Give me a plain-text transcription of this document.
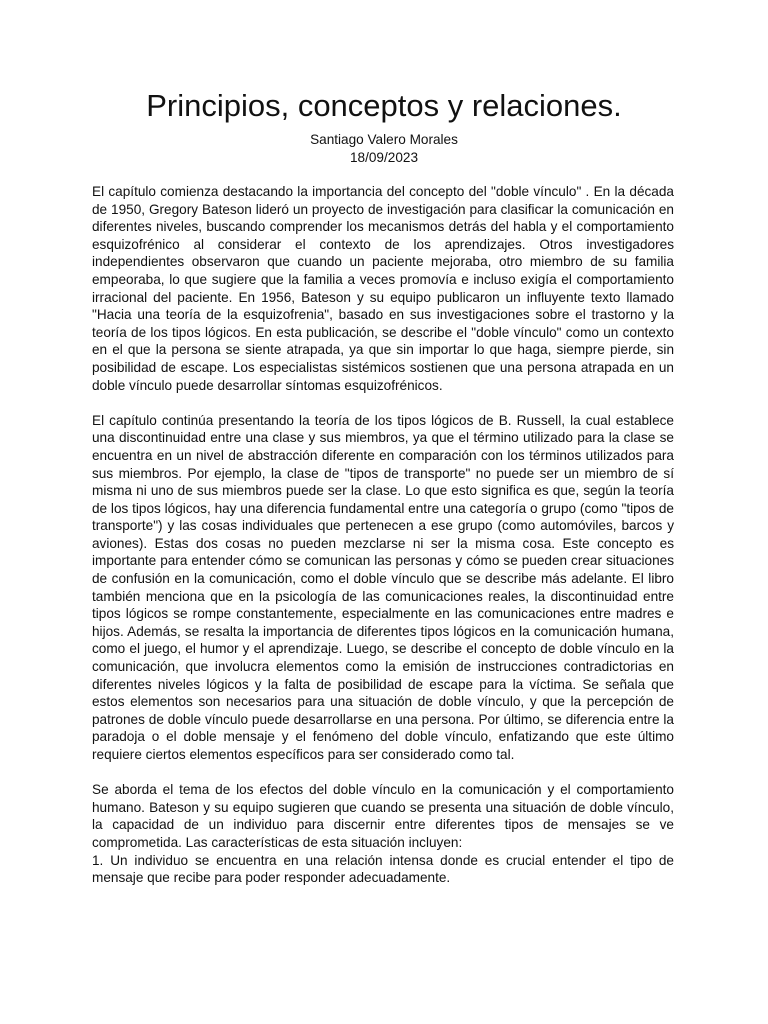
Principios, conceptos y relaciones.
Santiago Valero Morales
18/09/2023

El capítulo comienza destacando la importancia del concepto del "doble vínculo" . En la década de 1950, Gregory Bateson lideró un proyecto de investigación para clasificar la comunicación en diferentes niveles, buscando comprender los mecanismos detrás del habla y el comportamiento esquizofrénico al considerar el contexto de los aprendizajes. Otros investigadores independientes observaron que cuando un paciente mejoraba, otro miembro de su familia empeoraba, lo que sugiere que la familia a veces promovía e incluso exigía el comportamiento irracional del paciente. En 1956, Bateson y su equipo publicaron un influyente texto llamado "Hacia una teoría de la esquizofrenia", basado en sus investigaciones sobre el trastorno y la teoría de los tipos lógicos. En esta publicación, se describe el "doble vínculo" como un contexto en el que la persona se siente atrapada, ya que sin importar lo que haga, siempre pierde, sin posibilidad de escape. Los especialistas sistémicos sostienen que una persona atrapada en un doble vínculo puede desarrollar síntomas esquizofrénicos.

El capítulo continúa presentando la teoría de los tipos lógicos de B. Russell, la cual establece una discontinuidad entre una clase y sus miembros, ya que el término utilizado para la clase se encuentra en un nivel de abstracción diferente en comparación con los términos utilizados para sus miembros. Por ejemplo, la clase de "tipos de transporte" no puede ser un miembro de sí misma ni uno de sus miembros puede ser la clase. Lo que esto significa es que, según la teoría de los tipos lógicos, hay una diferencia fundamental entre una categoría o grupo (como "tipos de transporte") y las cosas individuales que pertenecen a ese grupo (como automóviles, barcos y aviones). Estas dos cosas no pueden mezclarse ni ser la misma cosa. Este concepto es importante para entender cómo se comunican las personas y cómo se pueden crear situaciones de confusión en la comunicación, como el doble vínculo que se describe más adelante. El libro también menciona que en la psicología de las comunicaciones reales, la discontinuidad entre tipos lógicos se rompe constantemente, especialmente en las comunicaciones entre madres e hijos. Además, se resalta la importancia de diferentes tipos lógicos en la comunicación humana, como el juego, el humor y el aprendizaje. Luego, se describe el concepto de doble vínculo en la comunicación, que involucra elementos como la emisión de instrucciones contradictorias en diferentes niveles lógicos y la falta de posibilidad de escape para la víctima. Se señala que estos elementos son necesarios para una situación de doble vínculo, y que la percepción de patrones de doble vínculo puede desarrollarse en una persona. Por último, se diferencia entre la paradoja o el doble mensaje y el fenómeno del doble vínculo, enfatizando que este último requiere ciertos elementos específicos para ser considerado como tal.

Se aborda el tema de los efectos del doble vínculo en la comunicación y el comportamiento humano. Bateson y su equipo sugieren que cuando se presenta una situación de doble vínculo, la capacidad de un individuo para discernir entre diferentes tipos de mensajes se ve comprometida. Las características de esta situación incluyen:

1. Un individuo se encuentra en una relación intensa donde es crucial entender el tipo de mensaje que recibe para poder responder adecuadamente.
